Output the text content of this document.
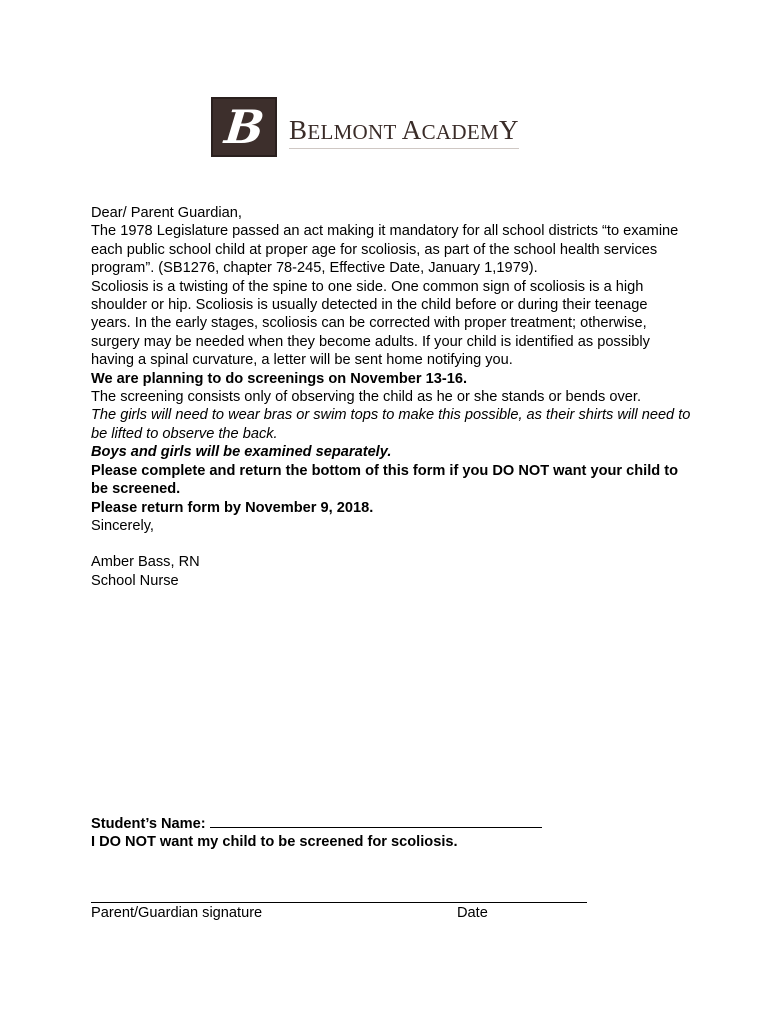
B BELMONT ACADEMY

Dear/ Parent Guardian,

The 1978 Legislature passed an act making it mandatory for all school districts “to examine each public school child at proper age for scoliosis, as part of the school health services program”. (SB1276, chapter 78-245, Effective Date, January 1,1979).

Scoliosis is a twisting of the spine to one side. One common sign of scoliosis is a high shoulder or hip. Scoliosis is usually detected in the child before or during their teenage years. In the early stages, scoliosis can be corrected with proper treatment; otherwise, surgery may be needed when they become adults. If your child is identified as possibly having a spinal curvature, a letter will be sent home notifying you.

We are planning to do screenings on November 13-16.

The screening consists only of observing the child as he or she stands or bends over.

The girls will need to wear bras or swim tops to make this possible, as their shirts will need to be lifted to observe the back.

Boys and girls will be examined separately.

Please complete and return the bottom of this form if you DO NOT want your child to be screened.

Please return form by November 9, 2018.

Sincerely,

Amber Bass, RN

School Nurse

Student’s Name:

I DO NOT want my child to be screened for scoliosis.

Parent/Guardian signature	Date
